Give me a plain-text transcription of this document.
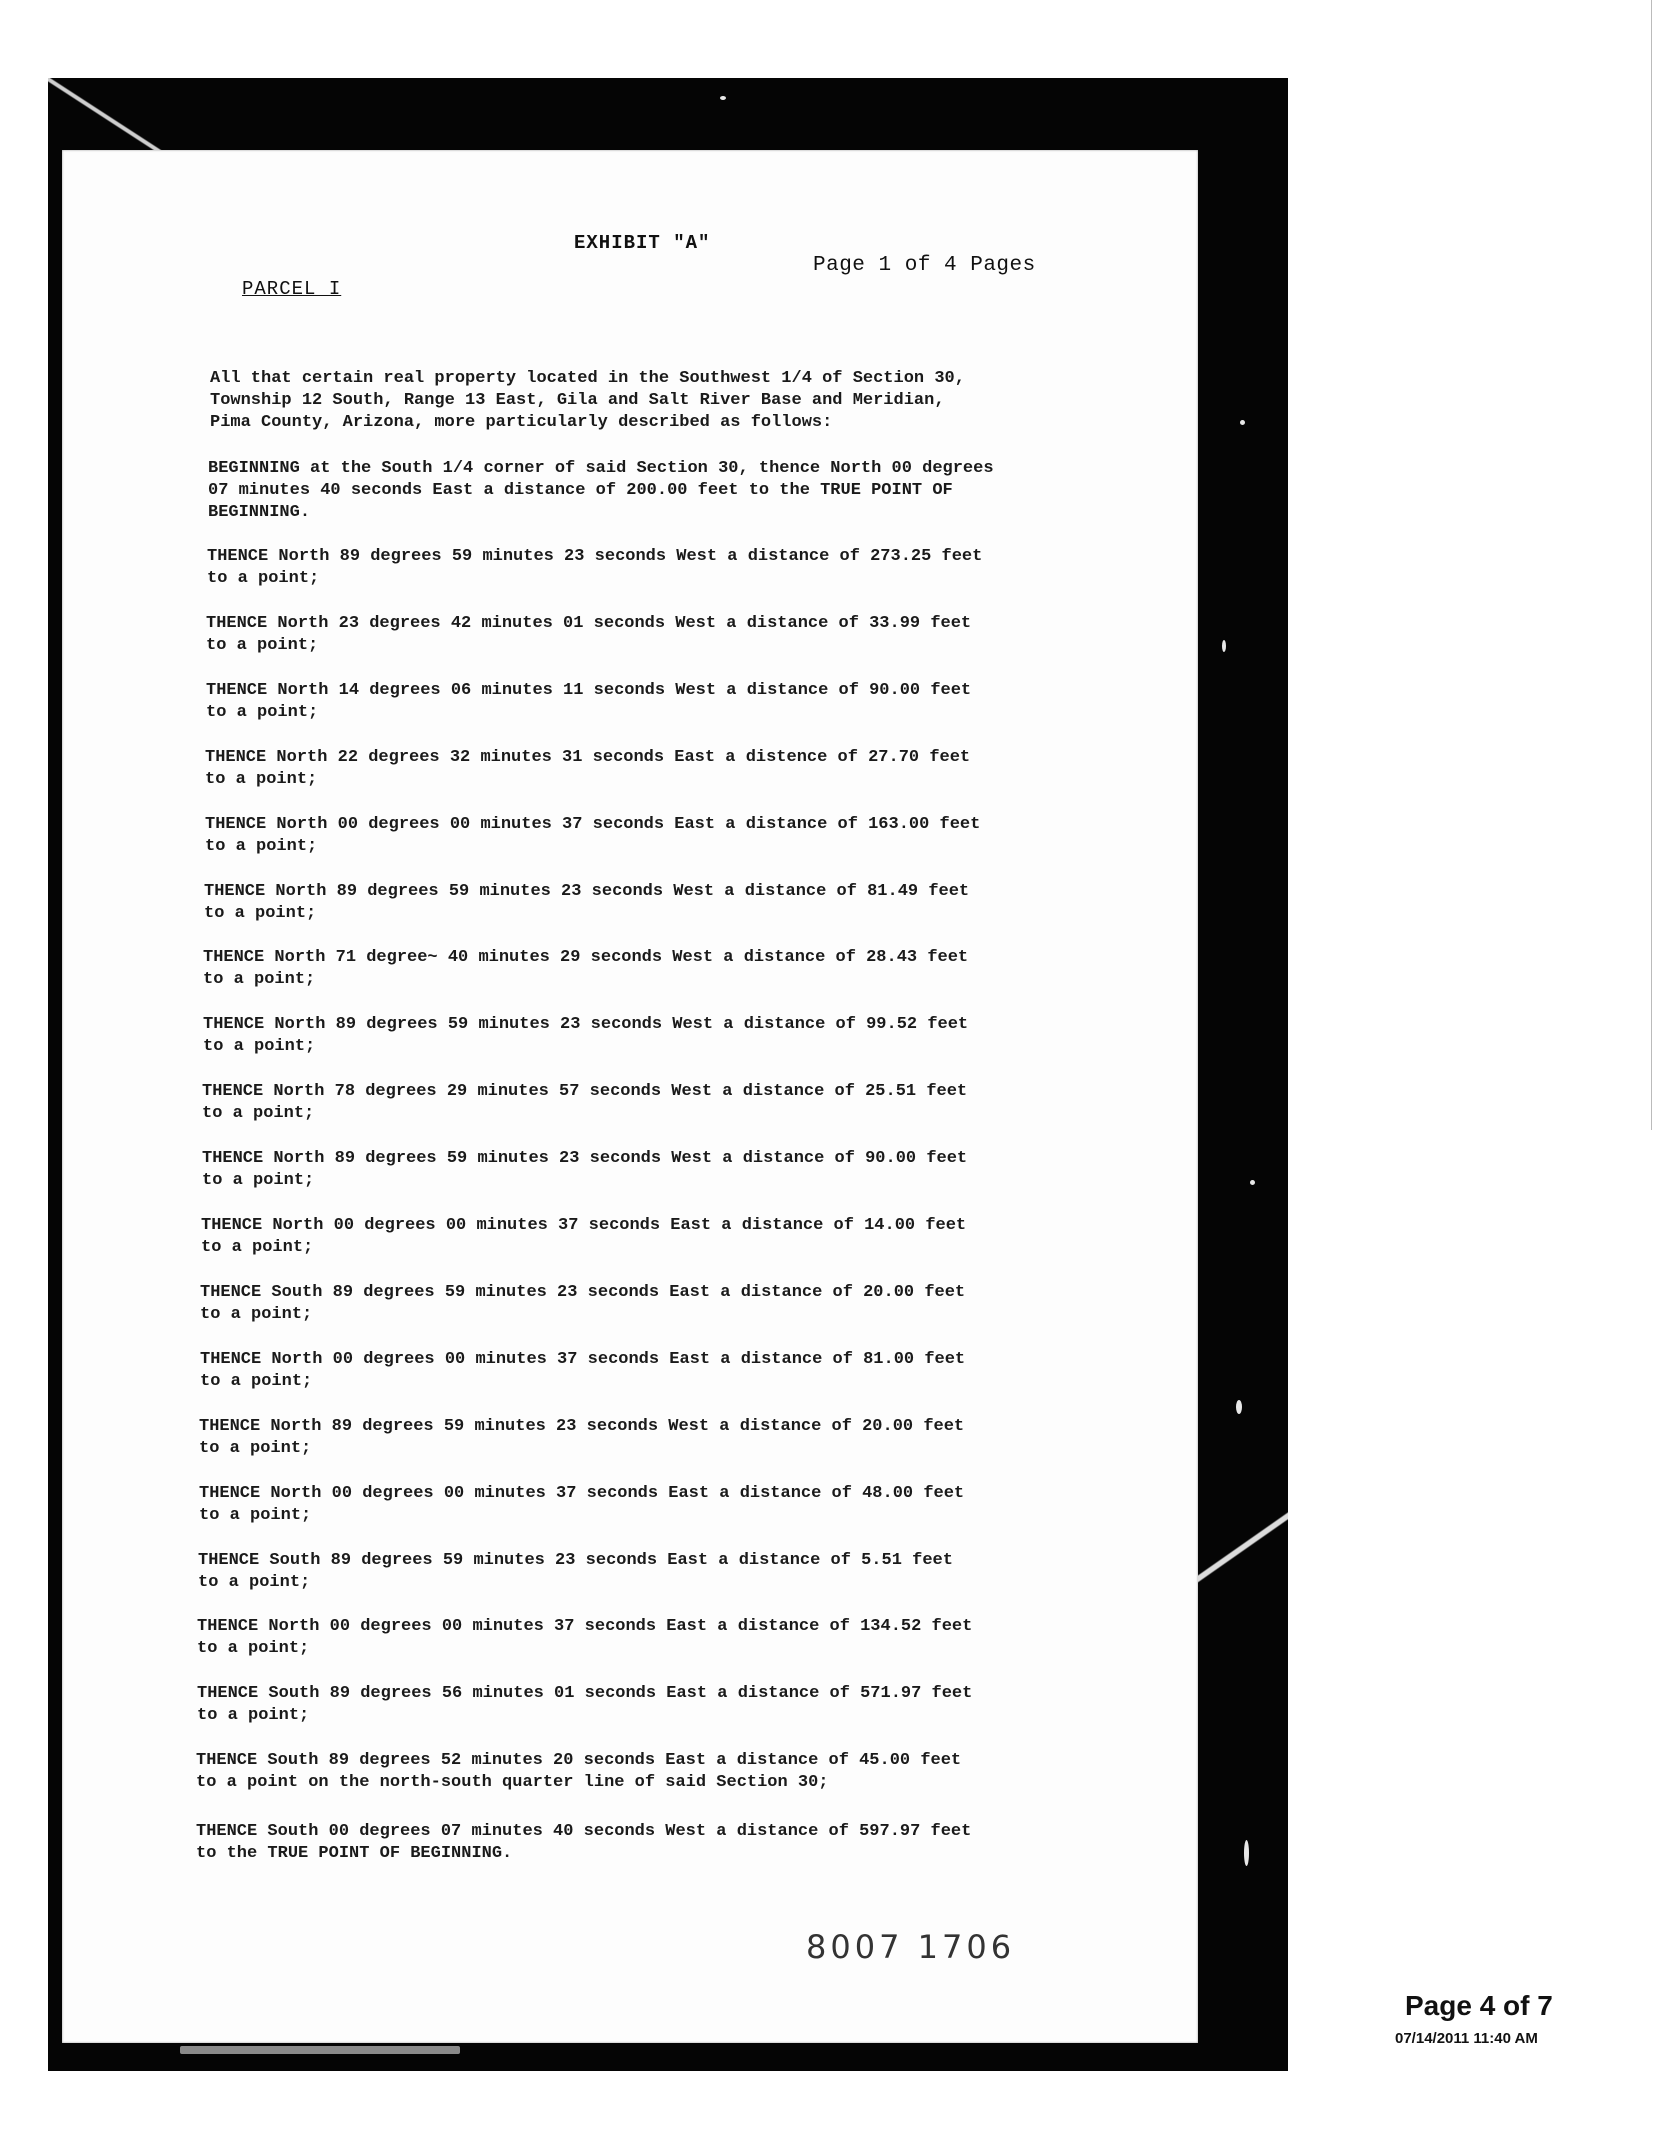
EXHIBIT "A"
Page 1 of 4 Pages
PARCEL I
All that certain real property located in the Southwest 1/4 of Section 30,
Township 12 South, Range 13 East, Gila and Salt River Base and Meridian,
Pima County, Arizona, more particularly described as follows:
BEGINNING at the South 1/4 corner of said Section 30, thence North 00 degrees
07 minutes 40 seconds East a distance of 200.00 feet to the TRUE POINT OF
BEGINNING.
THENCE North 89 degrees 59 minutes 23 seconds West a distance of 273.25 feet
to a point;
THENCE North 23 degrees 42 minutes 01 seconds West a distance of 33.99 feet
to a point;
THENCE North 14 degrees 06 minutes 11 seconds West a distance of 90.00 feet
to a point;
THENCE North 22 degrees 32 minutes 31 seconds East a distence of 27.70 feet
to a point;
THENCE North 00 degrees 00 minutes 37 seconds East a distance of 163.00 feet
to a point;
THENCE North 89 degrees 59 minutes 23 seconds West a distance of 81.49 feet
to a point;
THENCE North 71 degree~ 40 minutes 29 seconds West a distance of 28.43 feet
to a point;
THENCE North 89 degrees 59 minutes 23 seconds West a distance of 99.52 feet
to a point;
THENCE North 78 degrees 29 minutes 57 seconds West a distance of 25.51 feet
to a point;
THENCE North 89 degrees 59 minutes 23 seconds West a distance of 90.00 feet
to a point;
THENCE North 00 degrees 00 minutes 37 seconds East a distance of 14.00 feet
to a point;
THENCE South 89 degrees 59 minutes 23 seconds East a distance of 20.00 feet
to a point;
THENCE North 00 degrees 00 minutes 37 seconds East a distance of 81.00 feet
to a point;
THENCE North 89 degrees 59 minutes 23 seconds West a distance of 20.00 feet
to a point;
THENCE North 00 degrees 00 minutes 37 seconds East a distance of 48.00 feet
to a point;
THENCE South 89 degrees 59 minutes 23 seconds East a distance of 5.51 feet
to a point;
THENCE North 00 degrees 00 minutes 37 seconds East a distance of 134.52 feet
to a point;
THENCE South 89 degrees 56 minutes 01 seconds East a distance of 571.97 feet
to a point;
THENCE South 89 degrees 52 minutes 20 seconds East a distance of 45.00 feet
to a point on the north-south quarter line of said Section 30;
THENCE South 00 degrees 07 minutes 40 seconds West a distance of 597.97 feet
to the TRUE POINT OF BEGINNING.
8007 1706
Page 4 of 7
07/14/2011 11:40 AM
